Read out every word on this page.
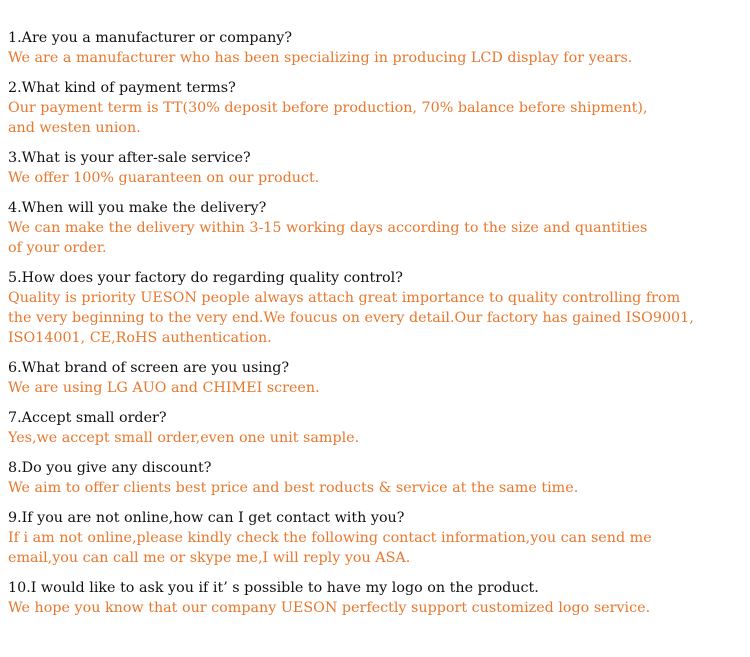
1.Are you a manufacturer or company?
We are a manufacturer who has been specializing in producing LCD display for years.
2.What kind of payment terms?
Our payment term is TT(30% deposit before production, 70% balance before shipment),
and westen union.
3.What is your after-sale service?
We offer 100% guaranteen on our product.
4.When will you make the delivery?
We can make the delivery within 3-15 working days according to the size and quantities
of your order.
5.How does your factory do regarding quality control?
Quality is priority UESON people always attach great importance to quality controlling from
the very beginning to the very end.We foucus on every detail.Our factory has gained ISO9001,
ISO14001, CE,RoHS authentication.
6.What brand of screen are you using?
We are using LG AUO and CHIMEI screen.
7.Accept small order?
Yes,we accept small order,even one unit sample.
8.Do you give any discount?
We aim to offer clients best price and best roducts & service at the same time.
9.If you are not online,how can I get contact with you?
If i am not online,please kindly check the following contact information,you can send me
email,you can call me or skype me,I will reply you ASA.
10.I would like to ask you if it’ s possible to have my logo on the product.
We hope you know that our company UESON perfectly support customized logo service.
